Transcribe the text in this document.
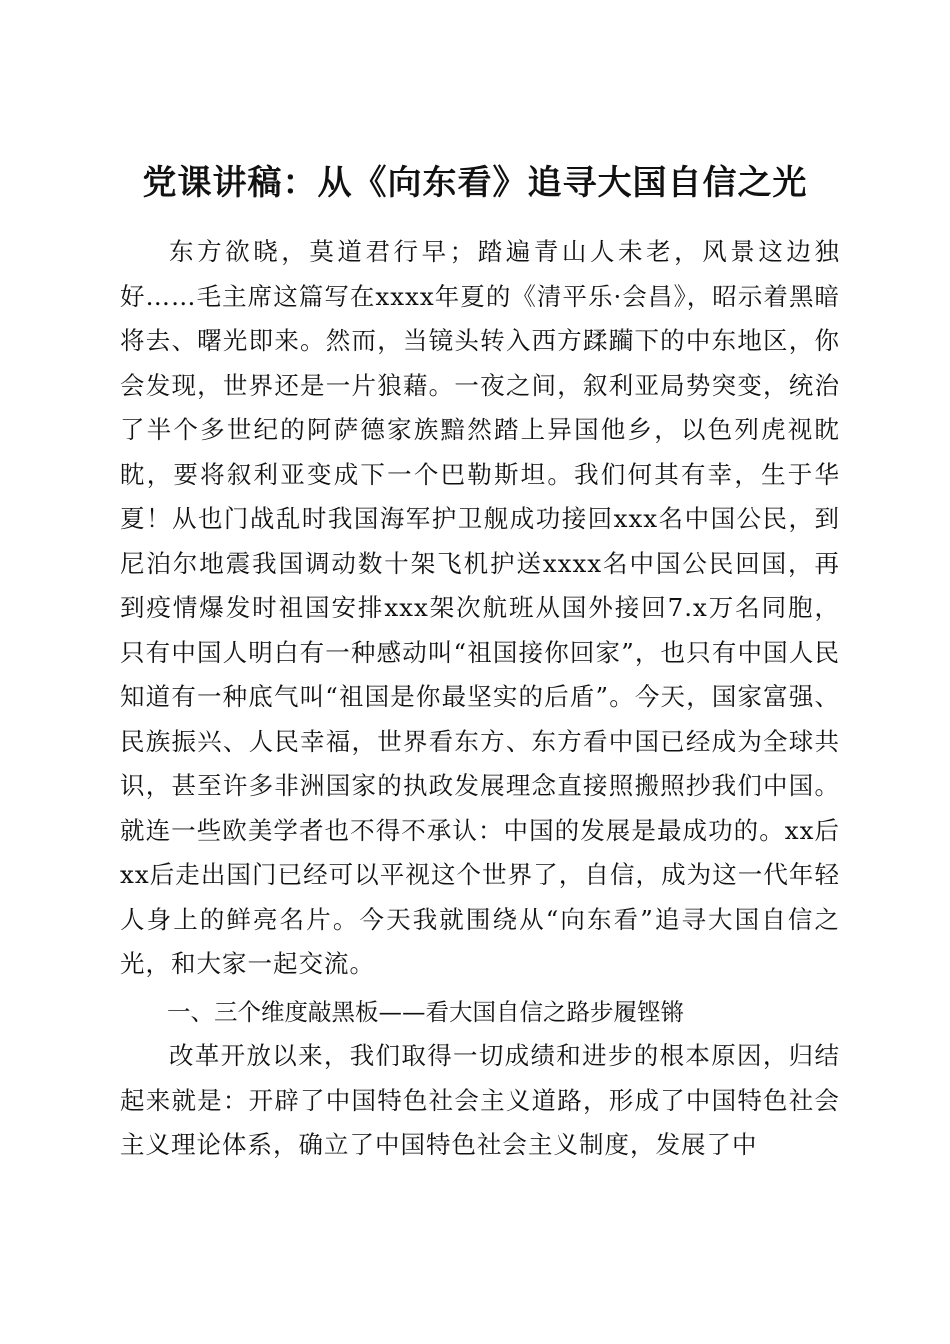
党课讲稿：从《向东看》追寻大国自信之光

东方欲晓，莫道君行早；踏遍青山人未老，风景这边独好……毛主席这篇写在xxxx年夏的《清平乐·会昌》，昭示着黑暗将去、曙光即来。然而，当镜头转入西方蹂躏下的中东地区，你会发现，世界还是一片狼藉。一夜之间，叙利亚局势突变，统治了半个多世纪的阿萨德家族黯然踏上异国他乡，以色列虎视眈眈，要将叙利亚变成下一个巴勒斯坦。我们何其有幸，生于华夏！从也门战乱时我国海军护卫舰成功接回xxx名中国公民，到尼泊尔地震我国调动数十架飞机护送xxxx名中国公民回国，再到疫情爆发时祖国安排xxx架次航班从国外接回7.x万名同胞，只有中国人明白有一种感动叫“祖国接你回家”，也只有中国人民知道有一种底气叫“祖国是你最坚实的后盾”。今天，国家富强、民族振兴、人民幸福，世界看东方、东方看中国已经成为全球共识，甚至许多非洲国家的执政发展理念直接照搬照抄我们中国。就连一些欧美学者也不得不承认：中国的发展是最成功的。xx后xx后走出国门已经可以平视这个世界了，自信，成为这一代年轻人身上的鲜亮名片。今天我就围绕从“向东看”追寻大国自信之光，和大家一起交流。

一、三个维度敲黑板——看大国自信之路步履铿锵

改革开放以来，我们取得一切成绩和进步的根本原因，归结起来就是：开辟了中国特色社会主义道路，形成了中国特色社会主义理论体系，确立了中国特色社会主义制度，发展了中
